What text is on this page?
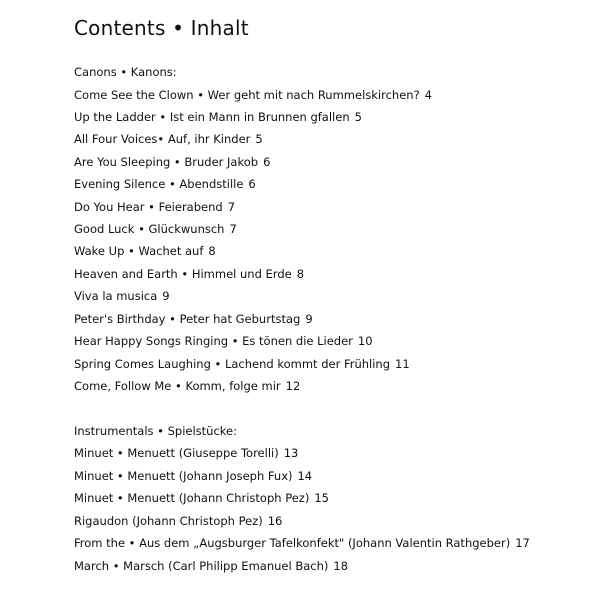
Contents • Inhalt
Canons • Kanons:
Come See the Clown • Wer geht mit nach Rummelskirchen? 4
Up the Ladder • Ist ein Mann in Brunnen gfallen 5
All Four Voices• Auf, ihr Kinder 5
Are You Sleeping • Bruder Jakob 6
Evening Silence • Abendstille 6
Do You Hear • Feierabend 7
Good Luck • Glückwunsch 7
Wake Up • Wachet auf 8
Heaven and Earth • Himmel und Erde 8
Viva la musica 9
Peter's Birthday • Peter hat Geburtstag 9
Hear Happy Songs Ringing • Es tönen die Lieder 10
Spring Comes Laughing • Lachend kommt der Frühling 11
Come, Follow Me • Komm, folge mir 12
Instrumentals • Spielstücke:
Minuet • Menuett (Giuseppe Torelli) 13
Minuet • Menuett (Johann Joseph Fux) 14
Minuet • Menuett (Johann Christoph Pez) 15
Rigaudon (Johann Christoph Pez) 16
From the • Aus dem „Augsburger Tafelkonfekt" (Johann Valentin Rathgeber) 17
March • Marsch (Carl Philipp Emanuel Bach) 18
